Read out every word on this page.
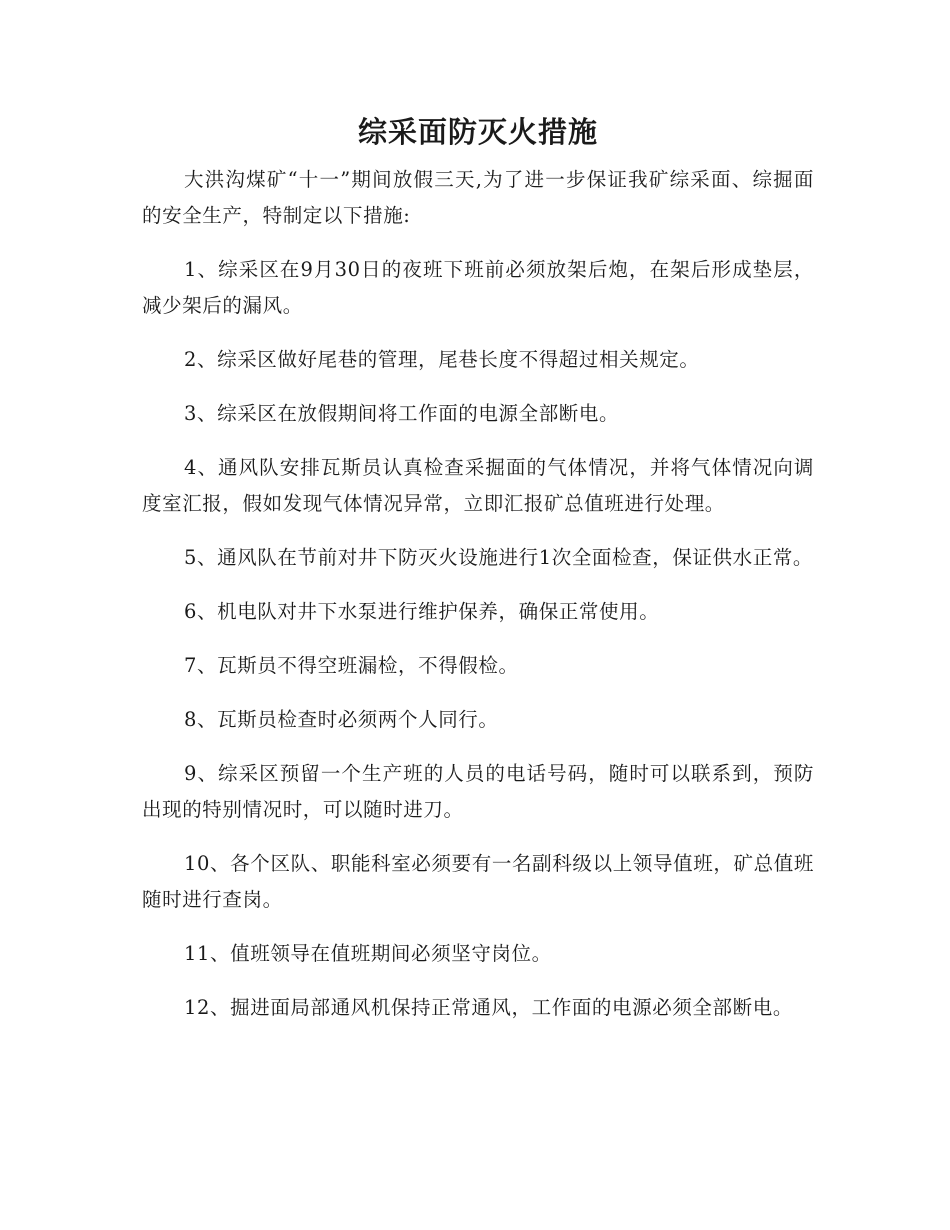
综采面防灭火措施

大洪沟煤矿“十一”期间放假三天,为了进一步保证我矿综采面、综掘面的安全生产，特制定以下措施:

1、综采区在9月30日的夜班下班前必须放架后炮，在架后形成垫层，减少架后的漏风。

2、综采区做好尾巷的管理，尾巷长度不得超过相关规定。

3、综采区在放假期间将工作面的电源全部断电。

4、通风队安排瓦斯员认真检查采掘面的气体情况，并将气体情况向调度室汇报，假如发现气体情况异常，立即汇报矿总值班进行处理。

5、通风队在节前对井下防灭火设施进行1次全面检查，保证供水正常。

6、机电队对井下水泵进行维护保养，确保正常使用。

7、瓦斯员不得空班漏检，不得假检。

8、瓦斯员检查时必须两个人同行。

9、综采区预留一个生产班的人员的电话号码，随时可以联系到，预防出现的特别情况时，可以随时进刀。

10、各个区队、职能科室必须要有一名副科级以上领导值班，矿总值班随时进行查岗。

11、值班领导在值班期间必须坚守岗位。

12、掘进面局部通风机保持正常通风，工作面的电源必须全部断电。
